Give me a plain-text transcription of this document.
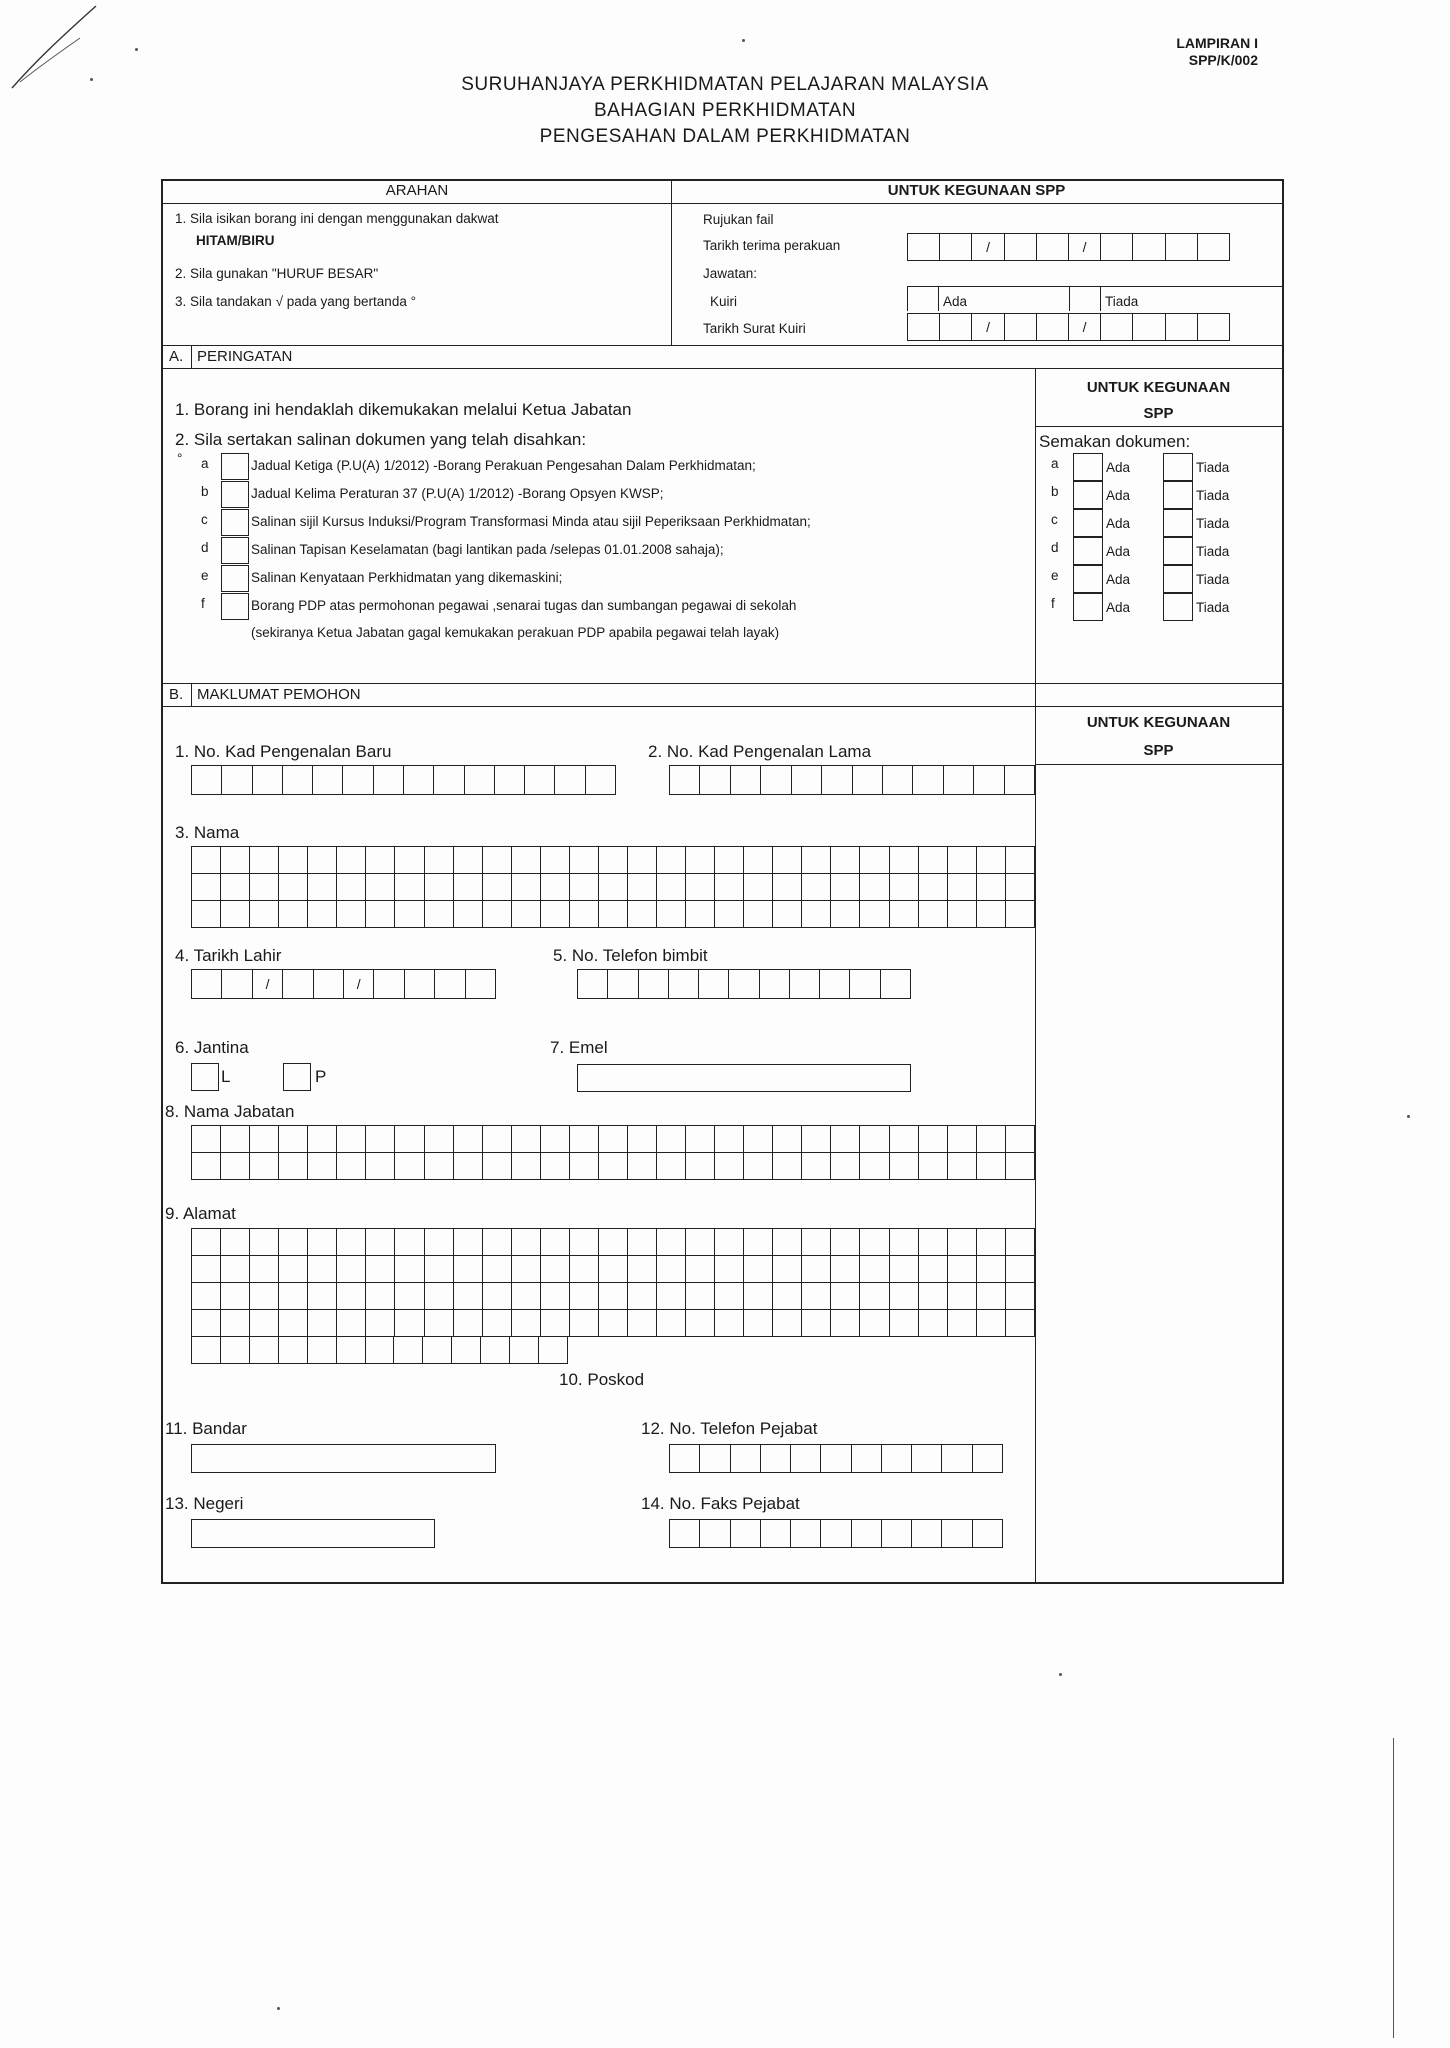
LAMPIRAN I
SPP/K/002
SURUHANJAYA PERKHIDMATAN PELAJARAN MALAYSIA
BAHAGIAN PERKHIDMATAN
PENGESAHAN DALAM PERKHIDMATAN
ARAHAN	UNTUK KEGUNAAN SPP
1. Sila isikan borang ini dengan menggunakan dakwat
HITAM/BIRU
2. Sila gunakan "HURUF BESAR"
3. Sila tandakan √ pada yang bertanda °
Rujukan fail
Tarikh terima perakuan	/	/
Jawatan:
Kuiri	Ada	Tiada
Tarikh Surat Kuiri	/	/
A. PERINGATAN
UNTUK KEGUNAAN
SPP
Semakan dokumen:
1. Borang ini hendaklah dikemukakan melalui Ketua Jabatan
2. Sila sertakan salinan dokumen yang telah disahkan:
a	Jadual Ketiga (P.U(A) 1/2012) -Borang Perakuan Pengesahan Dalam Perkhidmatan;
b	Jadual Kelima Peraturan 37 (P.U(A) 1/2012) -Borang Opsyen KWSP;
c	Salinan sijil Kursus Induksi/Program Transformasi Minda atau sijil Peperiksaan Perkhidmatan;
d	Salinan Tapisan Keselamatan (bagi lantikan pada /selepas 01.01.2008 sahaja);
e	Salinan Kenyataan Perkhidmatan yang dikemaskini;
f	Borang PDP atas permohonan pegawai ,senarai tugas dan sumbangan pegawai di sekolah
a	Ada	Tiada
b	Ada	Tiada
c	Ada	Tiada
d	Ada	Tiada
e	Ada	Tiada
f	Ada	Tiada
°
(sekiranya Ketua Jabatan gagal kemukakan perakuan PDP apabila pegawai telah layak)
B. MAKLUMAT PEMOHON
UNTUK KEGUNAAN
SPP
1. No. Kad Pengenalan Baru	2. No. Kad Pengenalan Lama
3. Nama
4. Tarikh Lahir	5. No. Telefon bimbit
/	/
6. Jantina
L	P
7. Emel
8. Nama Jabatan
9. Alamat
10. Poskod
11. Bandar	12. No. Telefon Pejabat
13. Negeri	14. No. Faks Pejabat
